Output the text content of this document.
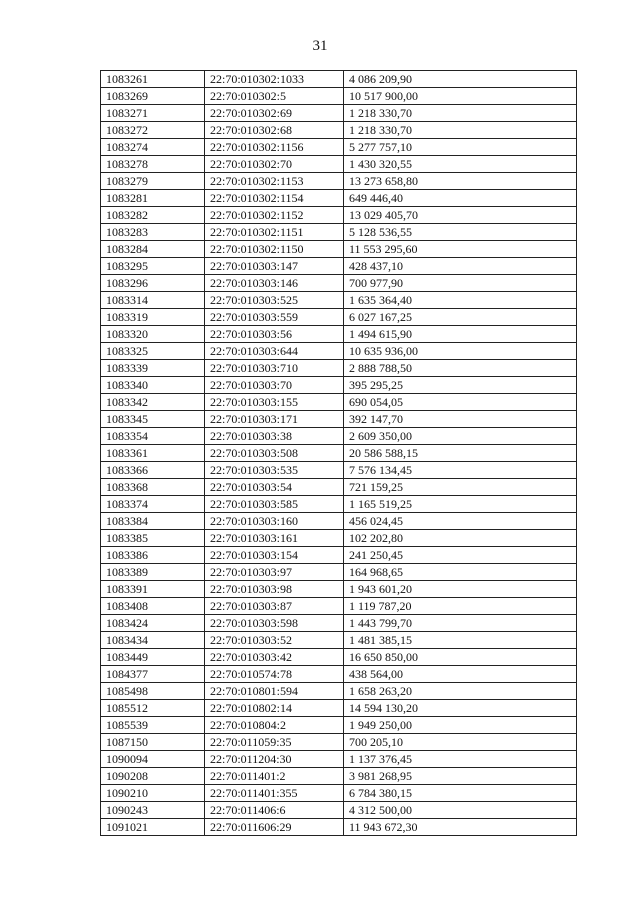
31
1083261	22:70:010302:1033	4 086 209,90
1083269	22:70:010302:5	10 517 900,00
1083271	22:70:010302:69	1 218 330,70
1083272	22:70:010302:68	1 218 330,70
1083274	22:70:010302:1156	5 277 757,10
1083278	22:70:010302:70	1 430 320,55
1083279	22:70:010302:1153	13 273 658,80
1083281	22:70:010302:1154	649 446,40
1083282	22:70:010302:1152	13 029 405,70
1083283	22:70:010302:1151	5 128 536,55
1083284	22:70:010302:1150	11 553 295,60
1083295	22:70:010303:147	428 437,10
1083296	22:70:010303:146	700 977,90
1083314	22:70:010303:525	1 635 364,40
1083319	22:70:010303:559	6 027 167,25
1083320	22:70:010303:56	1 494 615,90
1083325	22:70:010303:644	10 635 936,00
1083339	22:70:010303:710	2 888 788,50
1083340	22:70:010303:70	395 295,25
1083342	22:70:010303:155	690 054,05
1083345	22:70:010303:171	392 147,70
1083354	22:70:010303:38	2 609 350,00
1083361	22:70:010303:508	20 586 588,15
1083366	22:70:010303:535	7 576 134,45
1083368	22:70:010303:54	721 159,25
1083374	22:70:010303:585	1 165 519,25
1083384	22:70:010303:160	456 024,45
1083385	22:70:010303:161	102 202,80
1083386	22:70:010303:154	241 250,45
1083389	22:70:010303:97	164 968,65
1083391	22:70:010303:98	1 943 601,20
1083408	22:70:010303:87	1 119 787,20
1083424	22:70:010303:598	1 443 799,70
1083434	22:70:010303:52	1 481 385,15
1083449	22:70:010303:42	16 650 850,00
1084377	22:70:010574:78	438 564,00
1085498	22:70:010801:594	1 658 263,20
1085512	22:70:010802:14	14 594 130,20
1085539	22:70:010804:2	1 949 250,00
1087150	22:70:011059:35	700 205,10
1090094	22:70:011204:30	1 137 376,45
1090208	22:70:011401:2	3 981 268,95
1090210	22:70:011401:355	6 784 380,15
1090243	22:70:011406:6	4 312 500,00
1091021	22:70:011606:29	11 943 672,30
